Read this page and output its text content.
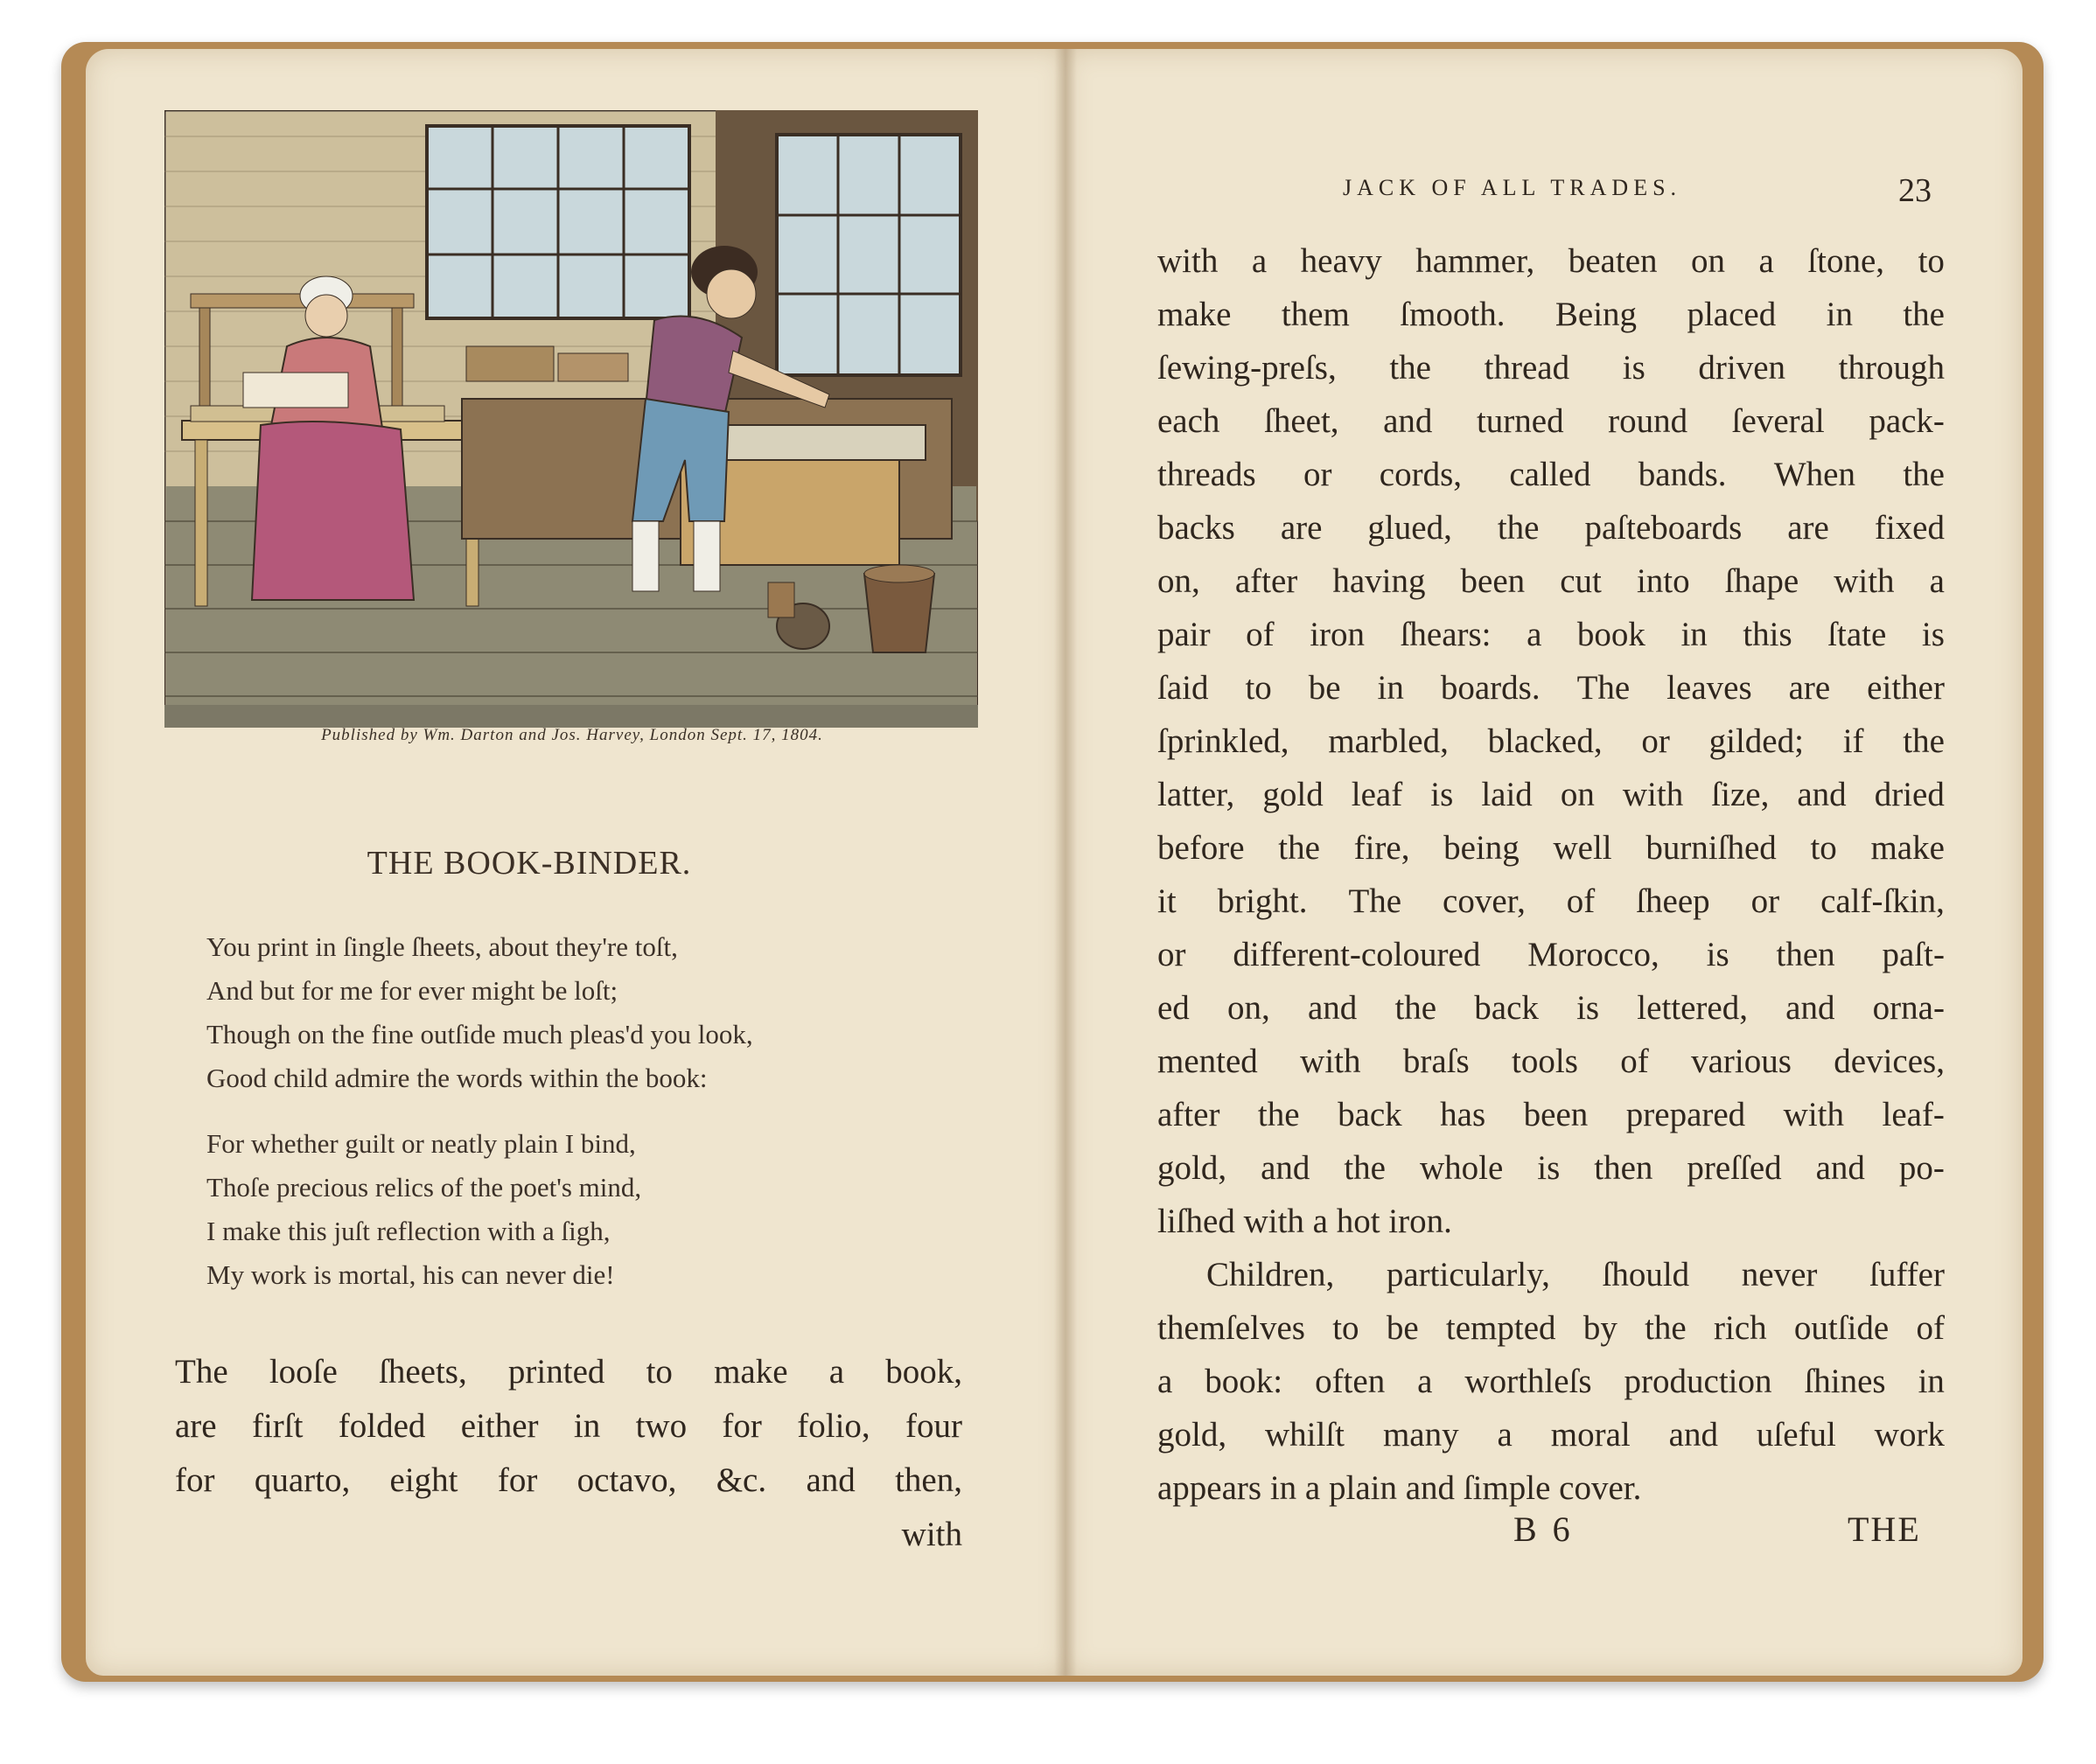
Published by Wm. Darton and Jos. Harvey, London Sept. 17, 1804.
THE BOOK-BINDER.
You print in ſingle ſheets, about they're toſt,
And but for me for ever might be loſt;
Though on the fine outſide much pleas'd you look,
Good child admire the words within the book:
For whether guilt or neatly plain I bind,
Thoſe precious relics of the poet's mind,
I make this juſt reflection with a ſigh,
My work is mortal, his can never die!
The looſe ſheets, printed to make a book,
are firſt folded either in two for folio, four
for quarto, eight for octavo, &c. and then,
with
JACK OF ALL TRADES.	23
with a heavy hammer, beaten on a ſtone, to
make them ſmooth. Being placed in the
ſewing-preſs, the thread is driven through
each ſheet, and turned round ſeveral pack-
threads or cords, called bands. When the
backs are glued, the paſteboards are fixed
on, after having been cut into ſhape with a
pair of iron ſhears: a book in this ſtate is
ſaid to be in boards. The leaves are either
ſprinkled, marbled, blacked, or gilded; if the
latter, gold leaf is laid on with ſize, and dried
before the fire, being well burniſhed to make
it bright. The cover, of ſheep or calf-ſkin,
or different-coloured Morocco, is then paſt-
ed on, and the back is lettered, and orna-
mented with braſs tools of various devices,
after the back has been prepared with leaf-
gold, and the whole is then preſſed and po-
liſhed with a hot iron.
Children, particularly, ſhould never ſuffer
themſelves to be tempted by the rich outſide of
a book: often a worthleſs production ſhines in
gold, whilſt many a moral and uſeful work
appears in a plain and ſimple cover.
B 6	THE
